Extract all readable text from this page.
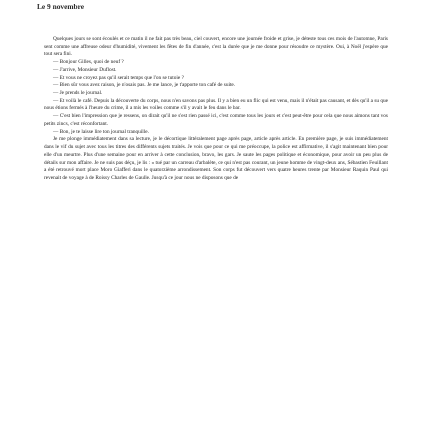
Le 9 novembre

Quelques jours se sont écoulés et ce matin il ne fait pas très beau, ciel couvert, encore une journée froide et grise, je déteste tous ces mois de l'automne, Paris sent comme une affreuse odeur d'humidité, vivement les fêtes de fin d'année, c'est la durée que je me donne pour résoudre ce mystère. Oui, à Noël j'espère que tout sera fini.

— Bonjour Gilles, quoi de neuf ?

— J'arrive, Monsieur Duflost.

— Et vous ne croyez pas qu'il serait temps que l'on se tutoie ?

— Bien sûr vous avez raison, je n'osais pas. Je me lance, je t'apporte ton café de suite.

— Je prends le journal.

— Et voilà le café. Depuis la découverte du corps, nous n'en savons pas plus. Il y a bien eu un flic qui est venu, mais il n'était pas causant, et dès qu'il a su que nous étions fermés à l'heure du crime, il a mis les voiles comme s'il y avait le feu dans le bar.

— C'est bien l'impression que je ressens, on dirait qu'il ne s'est rien passé ici, c'est comme tous les jours et c'est peut-être pour cela que nous aimons tant vos petits zincs, c'est réconfortant.

— Bon, je te laisse lire ton journal tranquille.

Je me plonge immédiatement dans sa lecture, je le décortique littéralement page après page, article après article. En première page, je suis immédiatement dans le vif du sujet avec tous les titres des différents sujets traités. Je vois que pour ce qui me préoccupe, la police est affirmative, il s'agit maintenant bien pour elle d'un meurtre. Plus d'une semaine pour en arriver à cette conclusion, bravo, les gars. Je saute les pages politique et économique, pour avoir un peu plus de détails sur mon affaire. Je ne suis pas déçu, je lis : « tué par un carreau d'arbalète, ce qui n'est pas courant, un jeune homme de vingt-deux ans, Sébastien Feuillant a été retrouvé mort place Moro Giafferi dans le quatorzième arrondissement. Son corps fut découvert vers quatre heures trente par Monsieur Raquin Paul qui revenait de voyage à de Roissy Charles de Gaulle. Jusqu'à ce jour nous ne disposons que de
